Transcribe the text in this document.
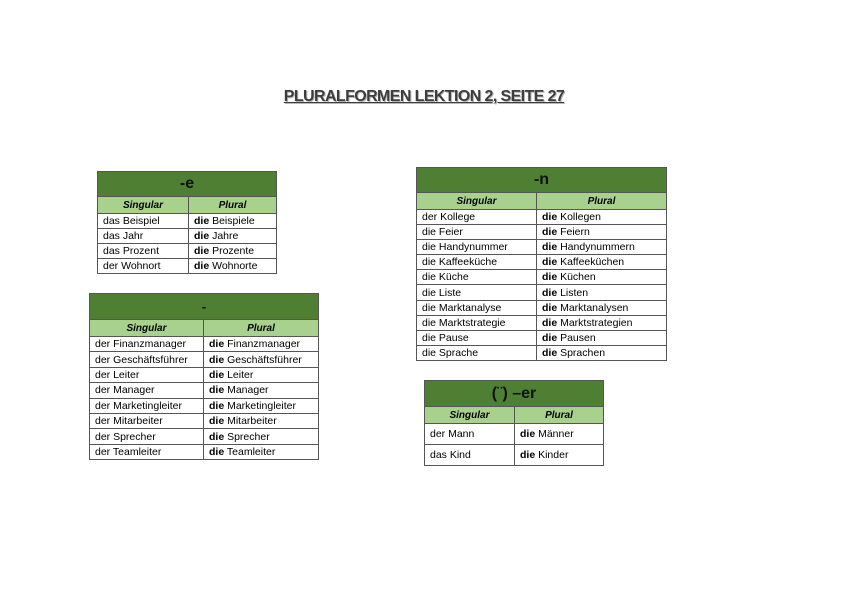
PLURALFORMEN LEKTION 2, SEITE 27
-e	
Singular	Plural
das Beispiel	die Beispiele
das Jahr	die Jahre
das Prozent	die Prozente
der Wohnort	die Wohnorte
-	
Singular	Plural
der Finanzmanager	die Finanzmanager
der Geschäftsführer	die Geschäftsführer
der Leiter	die Leiter
der Manager	die Manager
der Marketingleiter	die Marketingleiter
der Mitarbeiter	die Mitarbeiter
der Sprecher	die Sprecher
der Teamleiter	die Teamleiter
-n	
Singular	Plural
der Kollege	die Kollegen
die Feier	die Feiern
die Handynummer	die Handynummern
die Kaffeeküche	die Kaffeeküchen
die Küche	die Küchen
die Liste	die Listen
die Marktanalyse	die Marktanalysen
die Marktstrategie	die Marktstrategien
die Pause	die Pausen
die Sprache	die Sprachen
(¨) –er	
Singular	Plural
der Mann	die Männer
das Kind	die Kinder
